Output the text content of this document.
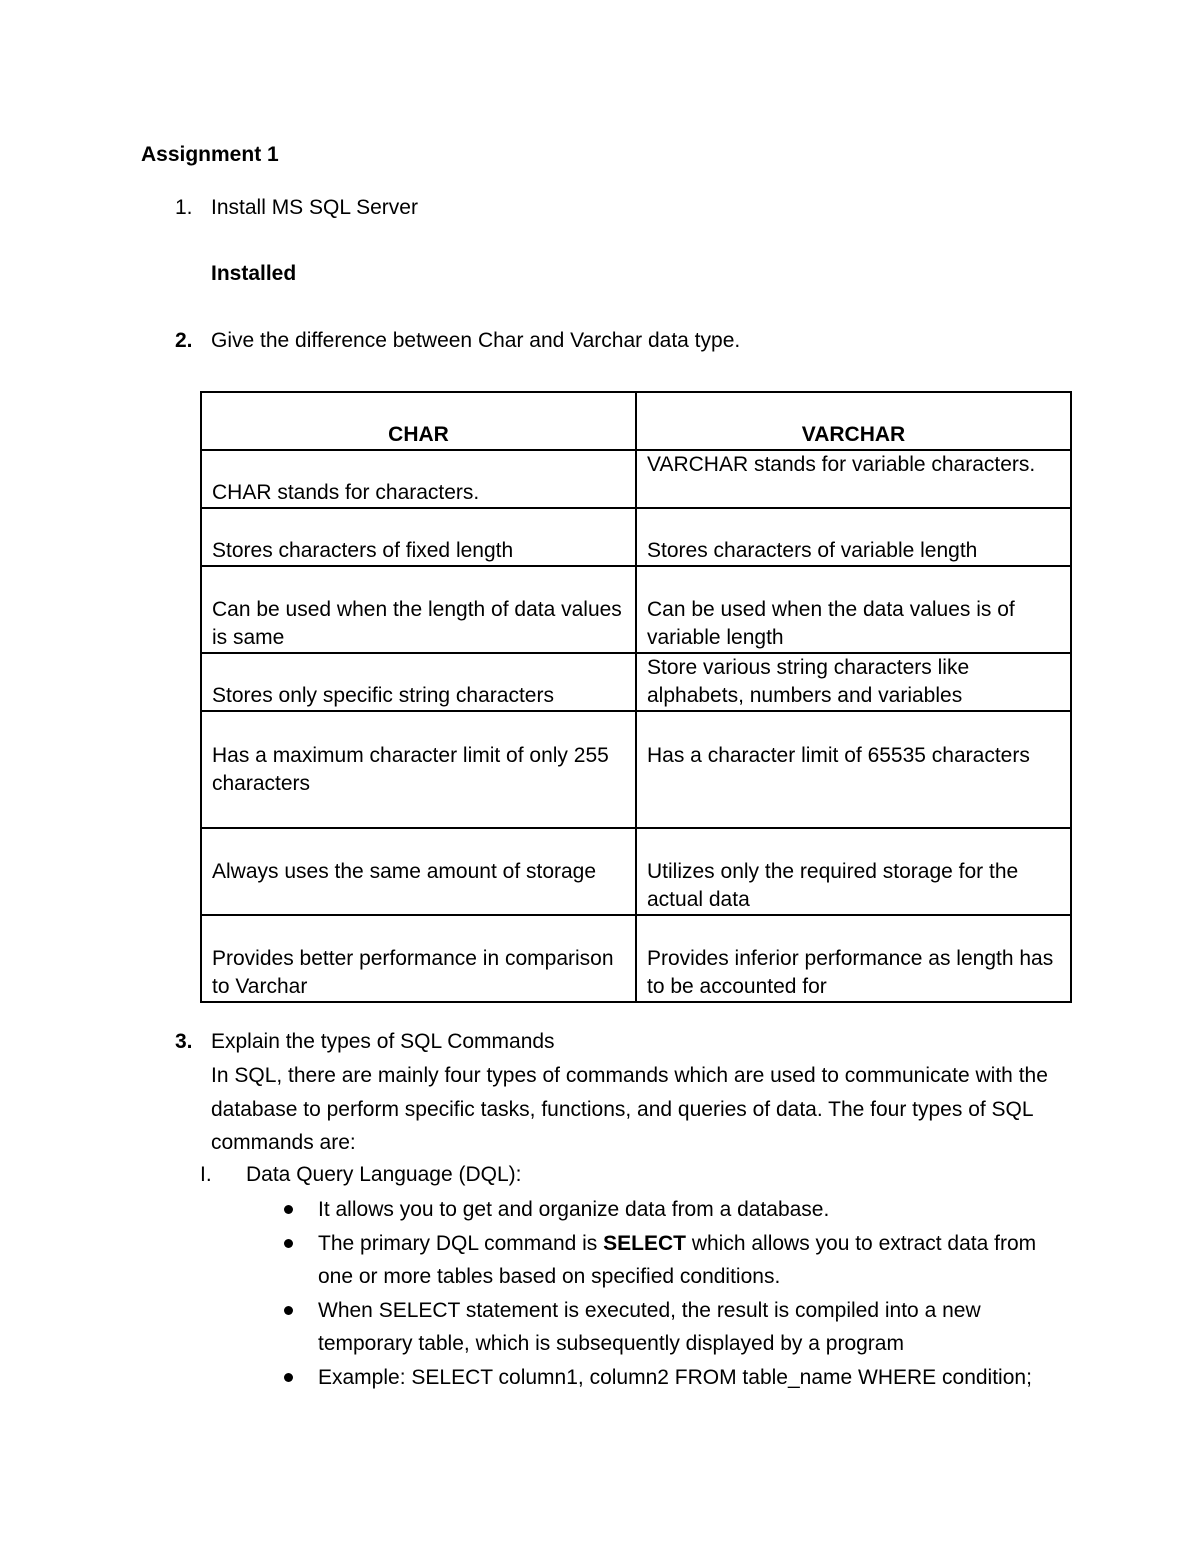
Assignment 1
1. Install MS SQL Server
Installed
2. Give the difference between Char and Varchar data type.
CHAR	VARCHAR
CHAR stands for characters.	VARCHAR stands for variable characters.
Stores characters of fixed length	Stores characters of variable length
Can be used when the length of data values is same	Can be used when the data values is of variable length
Stores only specific string characters	Store various string characters like alphabets, numbers and variables
Has a maximum character limit of only 255 characters	Has a character limit of 65535 characters
Always uses the same amount of storage	Utilizes only the required storage for the actual data
Provides better performance in comparison to Varchar	Provides inferior performance as length has to be accounted for
3. Explain the types of SQL Commands
In SQL, there are mainly four types of commands which are used to communicate with the database to perform specific tasks, functions, and queries of data. The four types of SQL commands are:
I. Data Query Language (DQL):
It allows you to get and organize data from a database.
The primary DQL command is SELECT which allows you to extract data from one or more tables based on specified conditions.
When SELECT statement is executed, the result is compiled into a new temporary table, which is subsequently displayed by a program
Example: SELECT column1, column2 FROM table_name WHERE condition;
